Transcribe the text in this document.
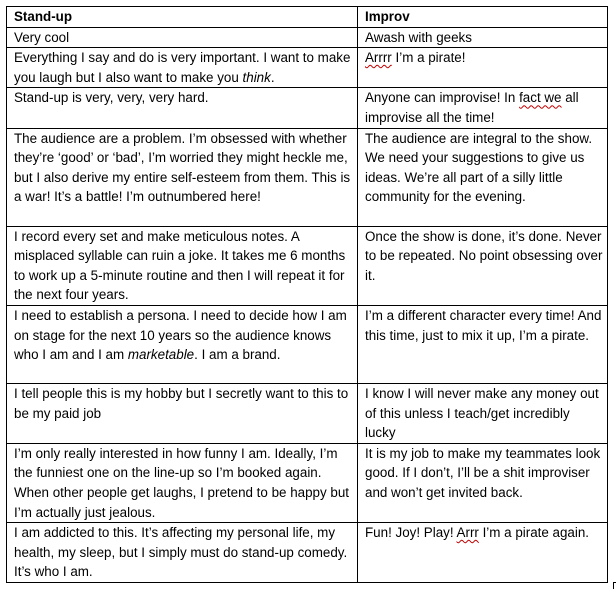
Stand-up	Improv
Very cool	Awash with geeks
Everything I say and do is very important. I want to make you laugh but I also want to make you think.	Arrrr I’m a pirate!
Stand-up is very, very, very hard.	Anyone can improvise! In fact we all improvise all the time!
The audience are a problem. I’m obsessed with whether they’re ‘good’ or ‘bad’, I’m worried they might heckle me, but I also derive my entire self-esteem from them. This is a war! It’s a battle! I’m outnumbered here!	The audience are integral to the show. We need your suggestions to give us ideas. We’re all part of a silly little community for the evening.
I record every set and make meticulous notes. A misplaced syllable can ruin a joke. It takes me 6 months to work up a 5-minute routine and then I will repeat it for the next four years.	Once the show is done, it’s done. Never to be repeated. No point obsessing over it.
I need to establish a persona. I need to decide how I am on stage for the next 10 years so the audience knows who I am and I am marketable. I am a brand.	I’m a different character every time! And this time, just to mix it up, I’m a pirate.
I tell people this is my hobby but I secretly want to this to be my paid job	I know I will never make any money out of this unless I teach/get incredibly lucky
I’m only really interested in how funny I am. Ideally, I’m the funniest one on the line-up so I’m booked again. When other people get laughs, I pretend to be happy but I’m actually just jealous.	It is my job to make my teammates look good. If I don’t, I’ll be a shit improviser and won’t get invited back.
I am addicted to this. It’s affecting my personal life, my health, my sleep, but I simply must do stand-up comedy. It’s who I am.	Fun! Joy! Play! Arrr I’m a pirate again.
